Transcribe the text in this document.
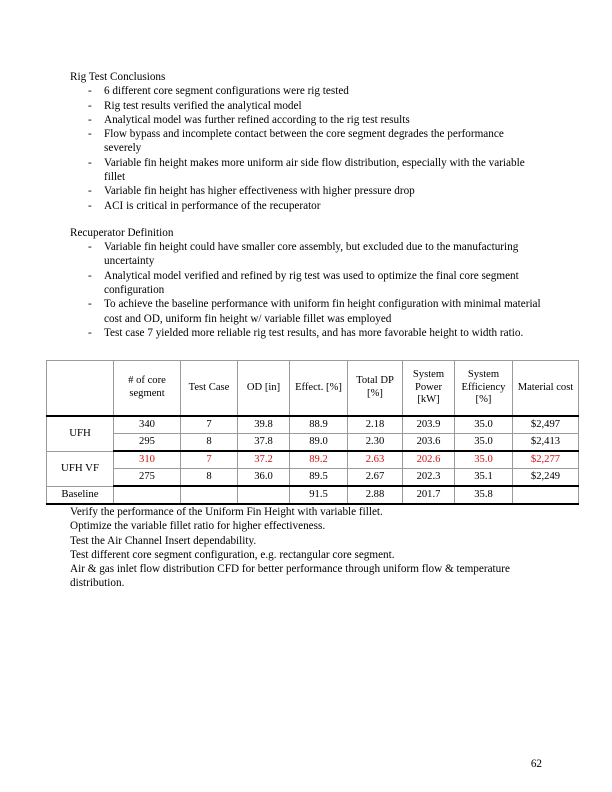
Rig Test Conclusions

- 6 different core segment configurations were rig tested
- Rig test results verified the analytical model
- Analytical model was further refined according to the rig test results
- Flow bypass and incomplete contact between the core segment degrades the performance severely
- Variable fin height makes more uniform air side flow distribution, especially with the variable fillet
- Variable fin height has higher effectiveness with higher pressure drop
- ACI is critical in performance of the recuperator

Recuperator Definition

- Variable fin height could have smaller core assembly, but excluded due to the manufacturing uncertainty
- Analytical model verified and refined by rig test was used to optimize the final core segment configuration
- To achieve the baseline performance with uniform fin height configuration with minimal material cost and OD, uniform fin height w/ variable fillet was employed
- Test case 7 yielded more reliable rig test results, and has more favorable height to width ratio.
	# of core segment	Test Case	OD [in]	Effect. [%]	Total DP [%]	System Power [kW]	System Efficiency [%]	Material cost
UFH	340	7	39.8	88.9	2.18	203.9	35.0	$2,497
	295	8	37.8	89.0	2.30	203.6	35.0	$2,413
UFH VF	310	7	37.2	89.2	2.63	202.6	35.0	$2,277
	275	8	36.0	89.5	2.67	202.3	35.1	$2,249
Baseline				91.5	2.88	201.7	35.8	

Verify the performance of the Uniform Fin Height with variable fillet.

Optimize the variable fillet ratio for higher effectiveness.

Test the Air Channel Insert dependability.

Test different core segment configuration, e.g. rectangular core segment.

Air & gas inlet flow distribution CFD for better performance through uniform flow & temperature distribution.

62
